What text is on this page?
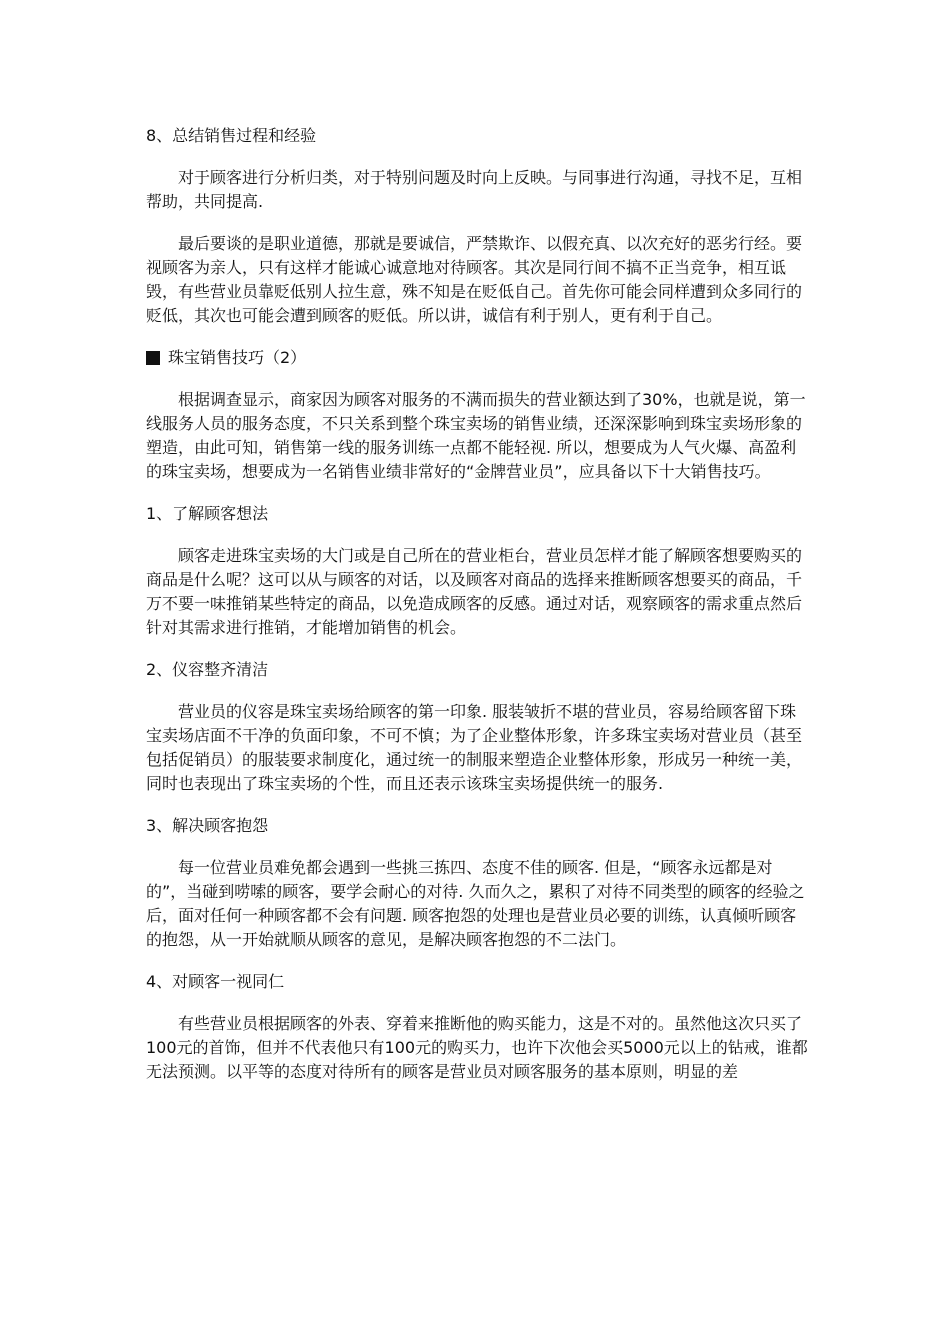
8、总结销售过程和经验

对于顾客进行分析归类，对于特别问题及时向上反映。与同事进行沟通，寻找不足，互相帮助，共同提高.

最后要谈的是职业道德，那就是要诚信，严禁欺诈、以假充真、以次充好的恶劣行经。要视顾客为亲人，只有这样才能诚心诚意地对待顾客。其次是同行间不搞不正当竞争，相互诋毁，有些营业员靠贬低别人拉生意，殊不知是在贬低自己。首先你可能会同样遭到众多同行的贬低，其次也可能会遭到顾客的贬低。所以讲，诚信有利于别人，更有利于自己。

珠宝销售技巧（2）

根据调查显示，商家因为顾客对服务的不满而损失的营业额达到了30%，也就是说，第一线服务人员的服务态度，不只关系到整个珠宝卖场的销售业绩，还深深影响到珠宝卖场形象的塑造，由此可知，销售第一线的服务训练一点都不能轻视. 所以，想要成为人气火爆、高盈利的珠宝卖场，想要成为一名销售业绩非常好的“金牌营业员”，应具备以下十大销售技巧。

1、了解顾客想法

顾客走进珠宝卖场的大门或是自己所在的营业柜台，营业员怎样才能了解顾客想要购买的商品是什么呢？这可以从与顾客的对话，以及顾客对商品的选择来推断顾客想要买的商品，千万不要一味推销某些特定的商品，以免造成顾客的反感。通过对话，观察顾客的需求重点然后针对其需求进行推销，才能增加销售的机会。

2、仪容整齐清洁

营业员的仪容是珠宝卖场给顾客的第一印象. 服装皱折不堪的营业员，容易给顾客留下珠宝卖场店面不干净的负面印象，不可不慎；为了企业整体形象，许多珠宝卖场对营业员（甚至包括促销员）的服装要求制度化，通过统一的制服来塑造企业整体形象，形成另一种统一美，同时也表现出了珠宝卖场的个性，而且还表示该珠宝卖场提供统一的服务.

3、解决顾客抱怨

每一位营业员难免都会遇到一些挑三拣四、态度不佳的顾客. 但是，“顾客永远都是对的”，当碰到唠嗦的顾客，要学会耐心的对待. 久而久之，累积了对待不同类型的顾客的经验之后，面对任何一种顾客都不会有问题. 顾客抱怨的处理也是营业员必要的训练，认真倾听顾客的抱怨，从一开始就顺从顾客的意见，是解决顾客抱怨的不二法门。

4、对顾客一视同仁

有些营业员根据顾客的外表、穿着来推断他的购买能力，这是不对的。虽然他这次只买了100元的首饰，但并不代表他只有100元的购买力，也许下次他会买5000元以上的钻戒，谁都无法预测。以平等的态度对待所有的顾客是营业员对顾客服务的基本原则，明显的差
